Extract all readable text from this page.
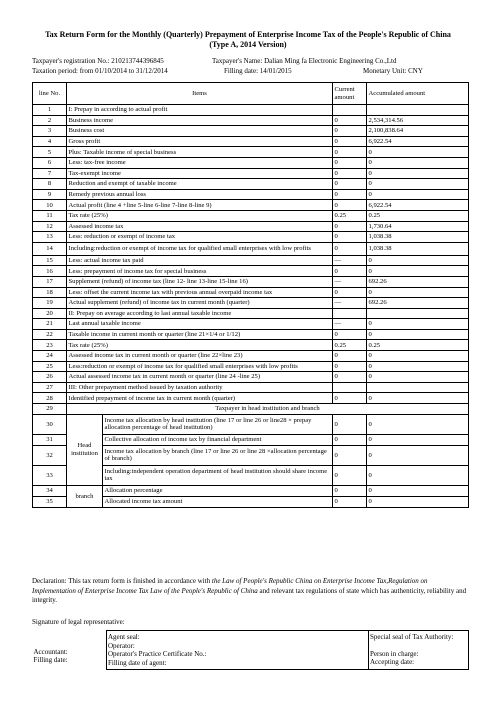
Tax Return Form for the Monthly (Quarterly) Prepayment of Enterprise Income Tax of the People's Republic of China
(Type A, 2014 Version)
Taxpayer's registration No.: 210213744396845	Taxpayer's Name: Dalian Ming fa Electronic Engineering Co.,Ltd
Taxation period: from 01/10/2014 to 31/12/2014	Filling date: 14/01/2015	Monetary Unit: CNY
line No.	Items		Current amount	Accumulated amount
1	I: Prepay in according to actual profit			
2	Business income		0	2,534,314.56
3	Business cost		0	2,100,838.64
4	Gross profit		0	6,922.54
5	Plus: Taxable income of special business		0	0
6	Less: tax-free income		0	0
7	Tax-exempt income		0	0
8	Reduction and exempt of taxable income		0	0
9	Remedy previous annual loss		0	0
10	Actual profit (line 4 +line 5-line 6-line 7-line 8-line 9)		0	6,922.54
11	Tax rate (25%)		0.25	0.25
12	Assessed income tax		0	1,730.64
13	Less: reduction or exempt of income tax		0	1,038.38
14	Including:reduction or exempt of income tax for qualified small enterprises with low profits		0	1,038.38
15	Less: actual income tax paid		—	0
16	Less: prepayment of income tax for special business		0	0
17	Supplement (refund) of income tax (line 12- line 13-line 15-line 16)		—	692.26
18	Less: offset the current income tax with previous annual overpaid income tax		0	0
19	Actual supplement (refund) of income tax in current month (quarter)		—	692.26
20	II: Prepay on average according to last annual taxable income			
21	Last annual taxable income		—	0
22	Taxable income in current month or quarter (line 21×1/4 or 1/12)		0	0
23	Tax rate (25%)		0.25	0.25
24	Assessed income tax in current month or quarter (line 22×line 23)		0	0
25	Less:reduction or exempt of income tax for qualified small enterprises with low profits		0	0
26	Actual assessed income tax in current month or quarter (line 24 -line 25)		0	0
27	III: Other prepayment method issued by taxation authority			
28	Identified prepayment of income tax in current month (quarter)		0	0
29	Taxpayer in head institution and branch			
30	Head institution	Income tax allocation by head institution (line 17 or line 26 or line28 × prepay allocation percentage of head institution)	0	0
31		Collective allocation of income tax by financial department	0	0
32		Income tax allocation by branch (line 17 or line 26 or line 28 ×allocation percentage of branch)	0	0
33		Including:independent operation department of head institution should share income tax	0	0
34	branch	Allocation percentage	0	0
35		Allocated income tax amount	0	0
Declaration: This tax return form is finished in accordance with the Law of People's Republic China on Enterprise Income Tax,Regulation on Implementation of Enterprise Income Tax Law of the People's Republic of China and relevant tax regulations of state which has authenticity, reliability and integrity.
Signature of legal representative:
Accountant:
Filling date:

Agent seal:
Operator:
Operator's Practice Certificate No.:
Filling date of agent:

Special seal of Tax Authority:
Person in charge:
Accepting date:
